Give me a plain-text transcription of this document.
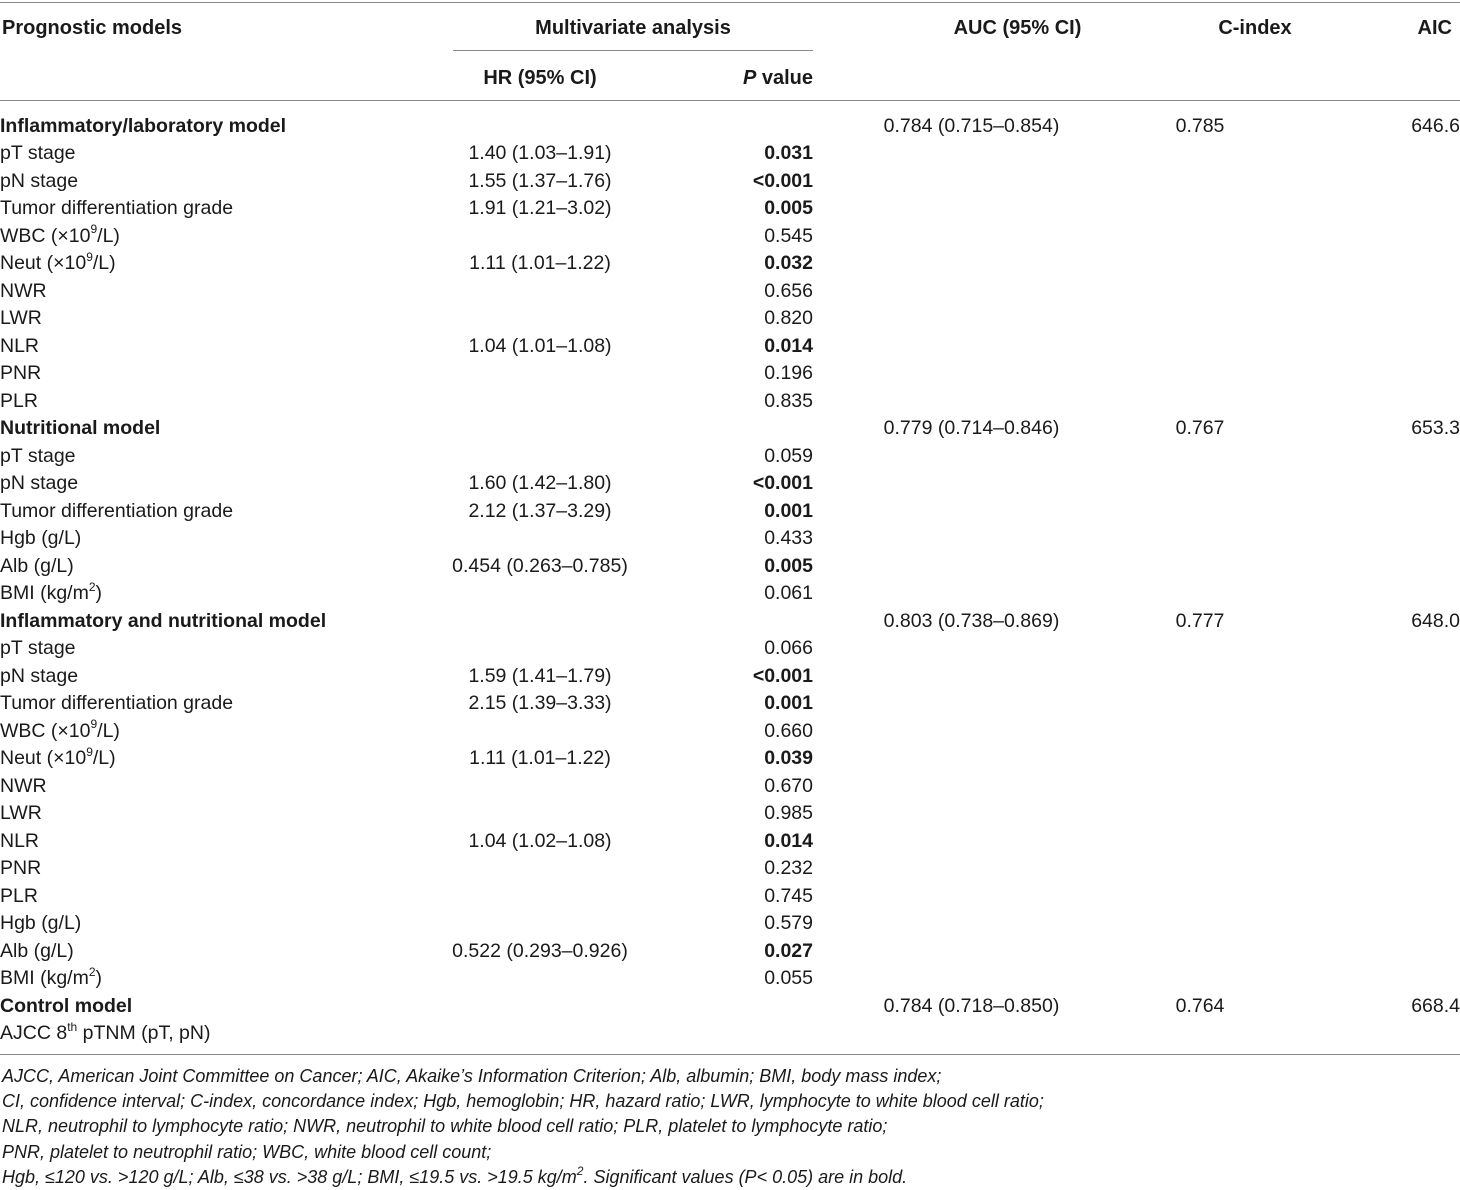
Prognostic models	Multivariate analysis
HR (95% CI)	P value
AUC (95% CI)	C-index	AIC
Inflammatory/laboratory model			0.784 (0.715–0.854)	0.785	646.6
pT stage	1.40 (1.03–1.91)	0.031			
pN stage	1.55 (1.37–1.76)	<0.001			
Tumor differentiation grade	1.91 (1.21–3.02)	0.005			
WBC $(\times 10^9/L)$		0.545			
Neut $(\times 10^9/L)$	1.11 (1.01–1.22)	0.032			
NWR		0.656			
LWR		0.820			
NLR	1.04 (1.01–1.08)	0.014			
PNR		0.196			
PLR		0.835			
Nutritional model			0.779 (0.714–0.846)	0.767	653.3
pT stage		0.059			
pN stage	1.60 (1.42–1.80)	<0.001			
Tumor differentiation grade	2.12 (1.37–3.29)	0.001			
Hgb (g/L)		0.433			
Alb (g/L)	0.454 (0.263–0.785)	0.005			
BMI $(kg/m^2)$		0.061			
Inflammatory and nutritional model			0.803 (0.738–0.869)	0.777	648.0
pT stage		0.066			
pN stage	1.59 (1.41–1.79)	<0.001			
Tumor differentiation grade	2.15 (1.39–3.33)	0.001			
WBC $(\times 10^9/L)$		0.660			
Neut $(\times 10^9/L)$	1.11 (1.01–1.22)	0.039			
NWR		0.670			
LWR		0.985			
NLR	1.04 (1.02–1.08)	0.014			
PNR		0.232			
PLR		0.745			
Hgb (g/L)		0.579			
Alb (g/L)	0.522 (0.293–0.926)	0.027			
BMI $(kg/m^2)$		0.055			
Control model			0.784 (0.718–0.850)	0.764	668.4
AJCC 8th pTNM (pT, pN)					
AJCC, American Joint Committee on Cancer; AIC, Akaike’s Information Criterion; Alb, albumin; BMI, body mass index;
CI, confidence interval; C-index, concordance index; Hgb, hemoglobin; HR, hazard ratio; LWR, lymphocyte to white blood cell ratio;
NLR, neutrophil to lymphocyte ratio; NWR, neutrophil to white blood cell ratio; PLR, platelet to lymphocyte ratio;
PNR, platelet to neutrophil ratio; WBC, white blood cell count;
Hgb, ≤120 vs. >120 g/L; Alb, ≤38 vs. >38 g/L; BMI, ≤19.5 vs. >19.5 $kg/m^2$. Significant values (P< 0.05) are in bold.
